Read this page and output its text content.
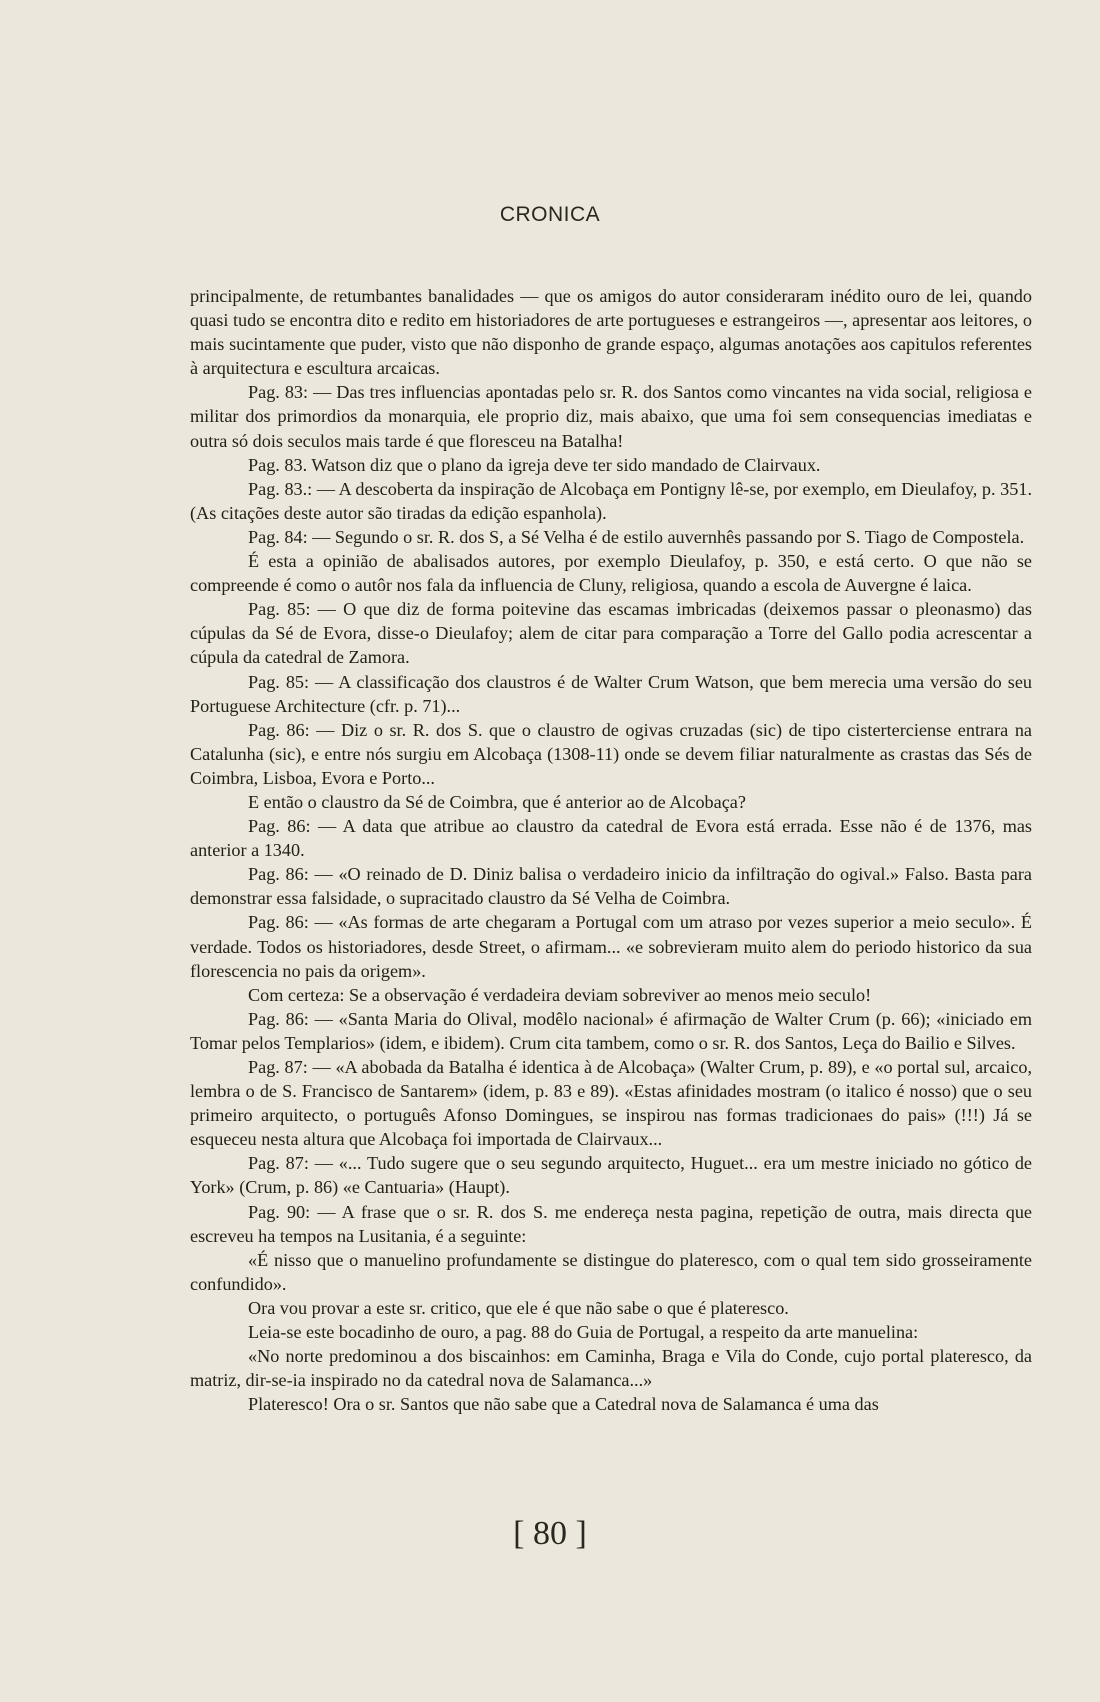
CRONICA

principalmente, de retumbantes banalidades — que os amigos do autor consideraram inédito ouro de lei, quando quasi tudo se encontra dito e redito em historiadores de arte portugueses e estrangeiros —, apresentar aos leitores, o mais sucintamente que puder, visto que não disponho de grande espaço, algumas anotações aos capitulos referentes à arquitectura e escultura arcaicas.

Pag. 83: — Das tres influencias apontadas pelo sr. R. dos Santos como vincantes na vida social, religiosa e militar dos primordios da monarquia, ele proprio diz, mais abaixo, que uma foi sem consequencias imediatas e outra só dois seculos mais tarde é que floresceu na Batalha!

Pag. 83. Watson diz que o plano da igreja deve ter sido mandado de Clairvaux.

Pag. 83.: — A descoberta da inspiração de Alcobaça em Pontigny lê-se, por exemplo, em Dieulafoy, p. 351. (As citações deste autor são tiradas da edição espanhola).

Pag. 84: — Segundo o sr. R. dos S, a Sé Velha é de estilo auvernhês passando por S. Tiago de Compostela.

É esta a opinião de abalisados autores, por exemplo Dieulafoy, p. 350, e está certo. O que não se compreende é como o autôr nos fala da influencia de Cluny, religiosa, quando a escola de Auvergne é laica.

Pag. 85: — O que diz de forma poitevine das escamas imbricadas (deixemos passar o pleonasmo) das cúpulas da Sé de Evora, disse-o Dieulafoy; alem de citar para comparação a Torre del Gallo podia acrescentar a cúpula da catedral de Zamora.

Pag. 85: — A classificação dos claustros é de Walter Crum Watson, que bem merecia uma versão do seu Portuguese Architecture (cfr. p. 71)...

Pag. 86: — Diz o sr. R. dos S. que o claustro de ogivas cruzadas (sic) de tipo cisterterciense entrara na Catalunha (sic), e entre nós surgiu em Alcobaça (1308-11) onde se devem filiar naturalmente as crastas das Sés de Coimbra, Lisboa, Evora e Porto...

E então o claustro da Sé de Coimbra, que é anterior ao de Alcobaça?

Pag. 86: — A data que atribue ao claustro da catedral de Evora está errada. Esse não é de 1376, mas anterior a 1340.

Pag. 86: — «O reinado de D. Diniz balisa o verdadeiro inicio da infiltração do ogival.» Falso. Basta para demonstrar essa falsidade, o supracitado claustro da Sé Velha de Coimbra.

Pag. 86: — «As formas de arte chegaram a Portugal com um atraso por vezes superior a meio seculo». É verdade. Todos os historiadores, desde Street, o afirmam... «e sobrevieram muito alem do periodo historico da sua florescencia no pais da origem».

Com certeza: Se a observação é verdadeira deviam sobreviver ao menos meio seculo!

Pag. 86: — «Santa Maria do Olival, modêlo nacional» é afirmação de Walter Crum (p. 66); «iniciado em Tomar pelos Templarios» (idem, e ibidem). Crum cita tambem, como o sr. R. dos Santos, Leça do Bailio e Silves.

Pag. 87: — «A abobada da Batalha é identica à de Alcobaça» (Walter Crum, p. 89), e «o portal sul, arcaico, lembra o de S. Francisco de Santarem» (idem, p. 83 e 89). «Estas afinidades mostram (o italico é nosso) que o seu primeiro arquitecto, o português Afonso Domingues, se inspirou nas formas tradicionaes do pais» (!!!) Já se esqueceu nesta altura que Alcobaça foi importada de Clairvaux...

Pag. 87: — «... Tudo sugere que o seu segundo arquitecto, Huguet... era um mestre iniciado no gótico de York» (Crum, p. 86) «e Cantuaria» (Haupt).

Pag. 90: — A frase que o sr. R. dos S. me endereça nesta pagina, repetição de outra, mais directa que escreveu ha tempos na Lusitania, é a seguinte:

«É nisso que o manuelino profundamente se distingue do plateresco, com o qual tem sido grosseiramente confundido».

Ora vou provar a este sr. critico, que ele é que não sabe o que é plateresco.

Leia-se este bocadinho de ouro, a pag. 88 do Guia de Portugal, a respeito da arte manuelina:

«No norte predominou a dos biscainhos: em Caminha, Braga e Vila do Conde, cujo portal plateresco, da matriz, dir-se-ia inspirado no da catedral nova de Salamanca...»

Plateresco! Ora o sr. Santos que não sabe que a Catedral nova de Salamanca é uma das

[ 80 ]
